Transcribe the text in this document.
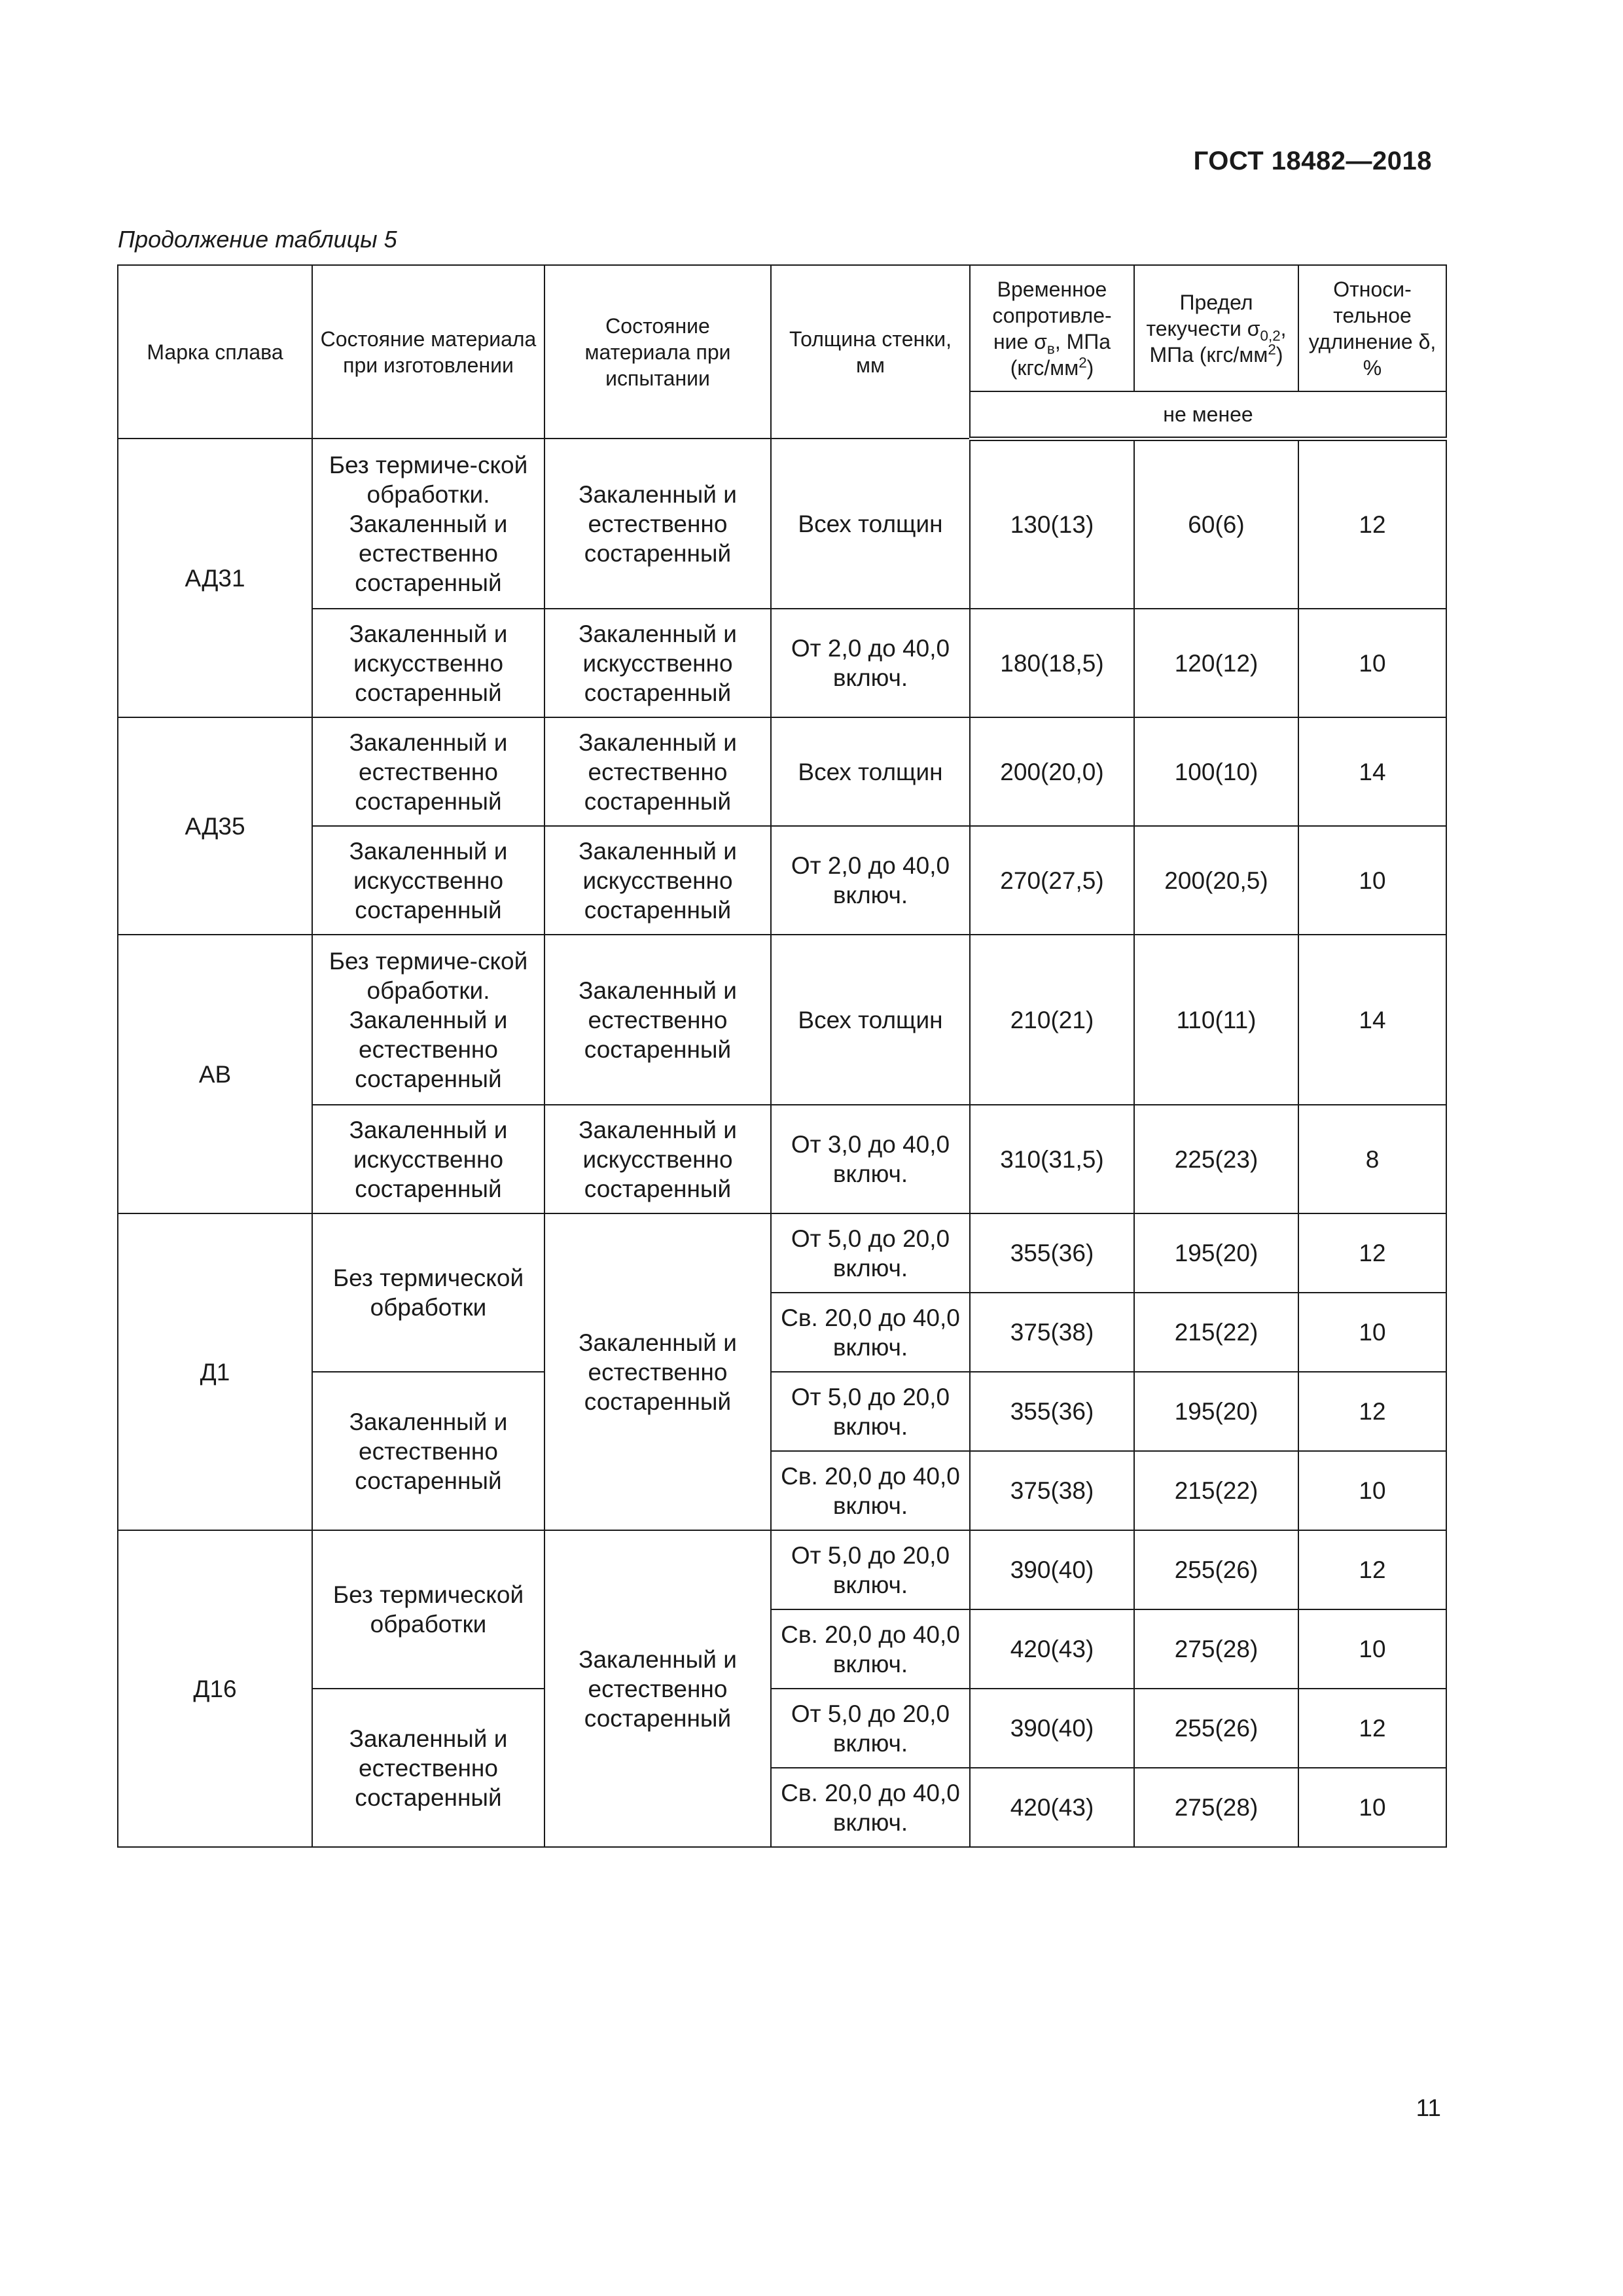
ГОСТ 18482—2018
Продолжение таблицы 5
Марка сплава	Состояние материала при изготовлении	Состояние материала при испытании	Толщина стенки, мм	Временное сопротивле-ние $\sigma_в$, МПа $(кгс/мм^2)$	Предел текучести $\sigma_{0,2}$, МПа $(кгс/мм^2)$	Относи-тельное удлинение δ, %
				не менее		
АД31	Без термиче-ской обработки. Закаленный и естественно состаренный	Закаленный и естественно состаренный	Всех толщин	130(13)	60(6)	12
	Закаленный и искусственно состаренный	Закаленный и искусственно состаренный	От 2,0 до 40,0 включ.	180(18,5)	120(12)	10
АД35	Закаленный и естественно состаренный	Закаленный и естественно состаренный	Всех толщин	200(20,0)	100(10)	14
	Закаленный и искусственно состаренный	Закаленный и искусственно состаренный	От 2,0 до 40,0 включ.	270(27,5)	200(20,5)	10
АВ	Без термиче-ской обработки. Закаленный и естественно состаренный	Закаленный и естественно состаренный	Всех толщин	210(21)	110(11)	14
	Закаленный и искусственно состаренный	Закаленный и искусственно состаренный	От 3,0 до 40,0 включ.	310(31,5)	225(23)	8
Д1	Без термической обработки	Закаленный и естественно состаренный	От 5,0 до 20,0 включ.	355(36)	195(20)	12
			Св. 20,0 до 40,0 включ.	375(38)	215(22)	10
	Закаленный и естественно состаренный		От 5,0 до 20,0 включ.	355(36)	195(20)	12
			Св. 20,0 до 40,0 включ.	375(38)	215(22)	10
Д16	Без термической обработки	Закаленный и естественно состаренный	От 5,0 до 20,0 включ.	390(40)	255(26)	12
			Св. 20,0 до 40,0 включ.	420(43)	275(28)	10
	Закаленный и естественно состаренный		От 5,0 до 20,0 включ.	390(40)	255(26)	12
			Св. 20,0 до 40,0 включ.	420(43)	275(28)	10
11
